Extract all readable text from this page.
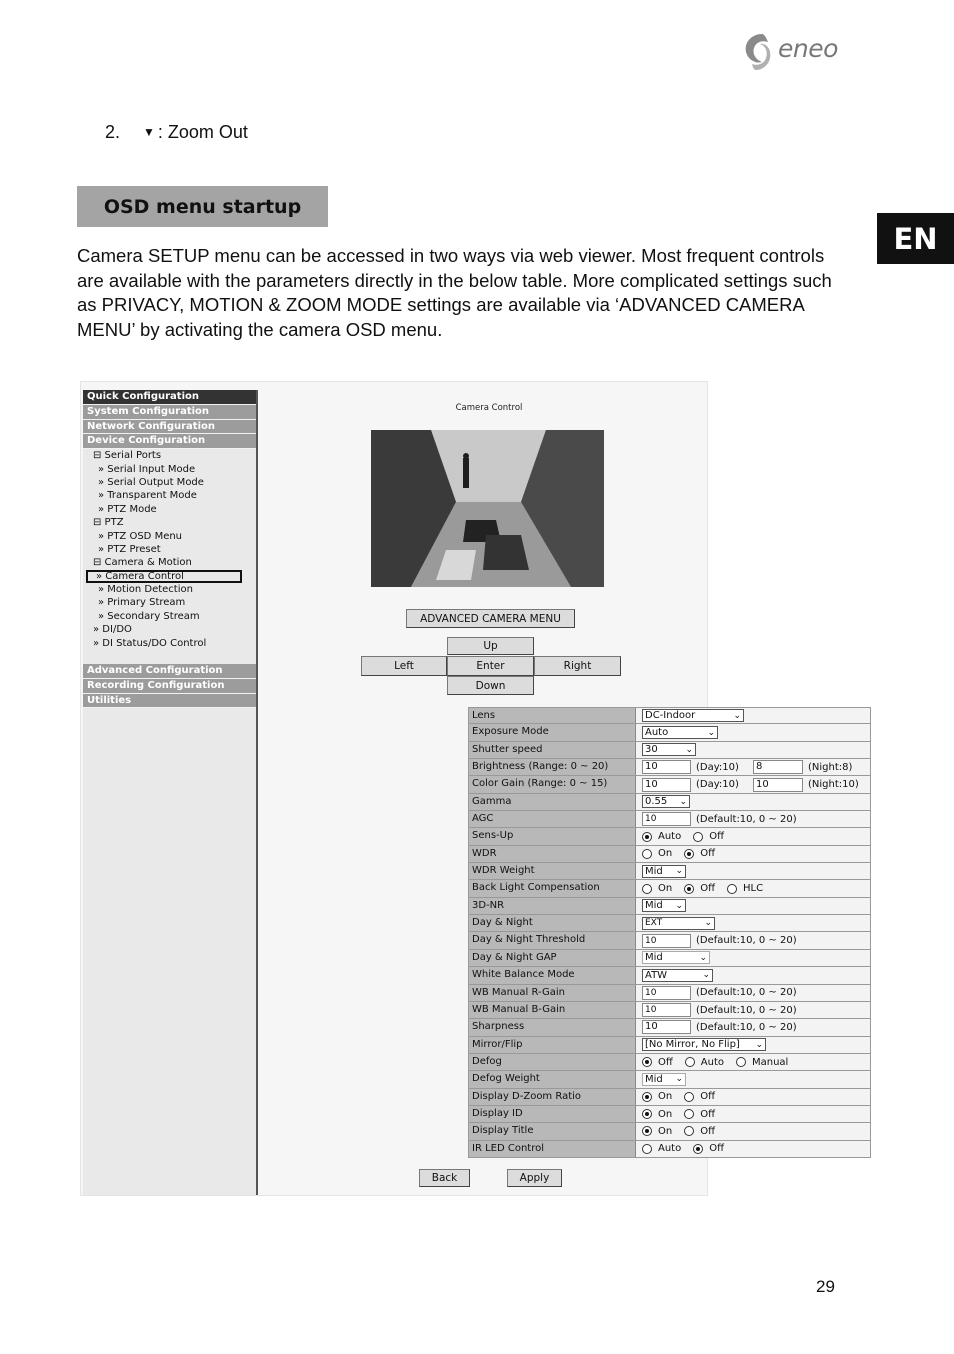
eneo
EN
2.	▼ : Zoom Out
OSD menu startup

Camera SETUP menu can be accessed in two ways via web viewer. Most frequent controls are available with the parameters directly in the below table. More complicated settings such as PRIVACY, MOTION & ZOOM MODE settings are available via ‘ADVANCED CAMERA MENU’ by activating the camera OSD menu.

Quick Configuration
System Configuration
Network Configuration
Device Configuration
⊟ Serial Ports
» Serial Input Mode
» Serial Output Mode
» Transparent Mode
» PTZ Mode
⊟ PTZ
» PTZ OSD Menu
» PTZ Preset
⊟ Camera & Motion
» Camera Control
» Motion Detection
» Primary Stream
» Secondary Stream
» DI/DO
» DI Status/DO Control
Advanced Configuration
Recording Configuration
Utilities
Camera Control
ADVANCED CAMERA MENU
Up
Left	Enter	Right
Down
Lens	DC-Indoor	⌄
Exposure Mode	Auto	⌄
Shutter speed	30	⌄
Brightness (Range: 0 ~ 20)	10	(Day:10)	8	(Night:8)
Color Gain (Range: 0 ~ 15)	10	(Day:10)	10	(Night:10)
Gamma	0.55 ⌄
AGC	10	(Default:10, 0 ~ 20)
Sens-Up	Auto	Off
WDR	On	Off
WDR Weight	Mid ⌄
Back Light Compensation	On	Off	HLC
3D-NR	Mid ⌄
Day & Night	EXT	⌄
Day & Night Threshold	10	(Default:10, 0 ~ 20)
Day & Night GAP	Mid	⌄
White Balance Mode	ATW	⌄
WB Manual R-Gain	10	(Default:10, 0 ~ 20)
WB Manual B-Gain	10	(Default:10, 0 ~ 20)
Sharpness	10	(Default:10, 0 ~ 20)
Mirror/Flip	[No Mirror, No Flip] ⌄
Defog	Off	Auto	Manual
Defog Weight	Mid ⌄
Display D-Zoom Ratio	On	Off
Display ID	On	Off
Display Title	On	Off
IR LED Control	Auto	Off
Back	Apply
29
